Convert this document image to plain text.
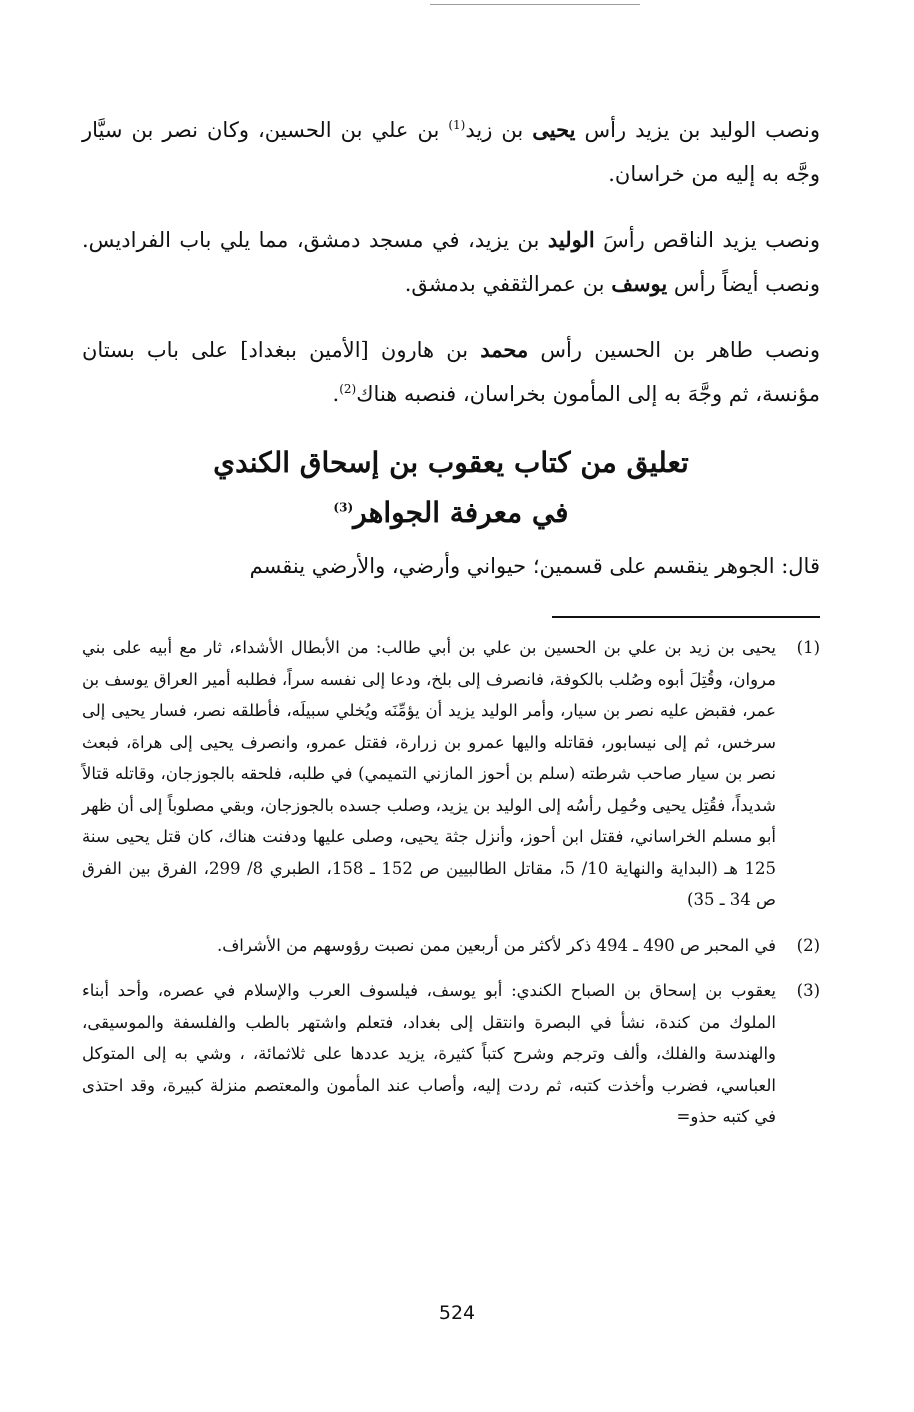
ونصب الوليد بن يزيد رأس يحيى بن زيد$^{(1)}$ بن علي بن الحسين، وكان نصر بن سيَّار وجَّه به إليه من خراسان.

ونصب يزيد الناقص رأسَ الوليد بن يزيد، في مسجد دمشق، مما يلي باب الفراديس. ونصب أيضاً رأس يوسف بن عمرالثقفي بدمشق.

ونصب طاهر بن الحسين رأس محمد بن هارون [الأمين ببغداد] على باب بستان مؤنسة، ثم وجَّهَ به إلى المأمون بخراسان، فنصبه هناك$^{(2)}$.

تعليق من كتاب يعقوب بن إسحاق الكندي
في معرفة الجواهر$^{(3)}$

قال: الجوهر ينقسم على قسمين؛ حيواني وأرضي، والأرضي ينقسم

(1)
يحيى بن زيد بن علي بن الحسين بن علي بن أبي طالب: من الأبطال الأشداء، ثار مع أبيه على بني مروان، وقُتِلَ أبوه وصُلب بالكوفة، فانصرف إلى بلخ، ودعا إلى نفسه سراً، فطلبه أمير العراق يوسف بن عمر، فقبض عليه نصر بن سيار، وأمر الوليد يزيد أن يؤمِّنَه ويُخلي سبيلَه، فأطلقه نصر، فسار يحيى إلى سرخس، ثم إلى نيسابور، فقاتله واليها عمرو بن زرارة، فقتل عمرو، وانصرف يحيى إلى هراة، فبعث نصر بن سيار صاحب شرطته (سلم بن أحوز المازني التميمي) في طلبه، فلحقه بالجوزجان، وقاتله قتالاً شديداً، فقُتِل يحيى وحُمِل رأسُه إلى الوليد بن يزيد، وصلب جسده بالجوزجان، وبقي مصلوباً إلى أن ظهر أبو مسلم الخراساني، فقتل ابن أحوز، وأنزل جثة يحيى، وصلى عليها ودفنت هناك، كان قتل يحيى سنة 125 هـ (البداية والنهاية 10/ 5، مقاتل الطالبيين ص 152 ـ 158، الطبري 8/ 299، الفرق بين الفرق ص 34 ـ 35)
(2)
في المحبر ص 490 ـ 494 ذكر لأكثر من أربعين ممن نصبت رؤوسهم من الأشراف.
(3)
يعقوب بن إسحاق بن الصباح الكندي: أبو يوسف، فيلسوف العرب والإسلام في عصره، وأحد أبناء الملوك من كندة، نشأ في البصرة وانتقل إلى بغداد، فتعلم واشتهر بالطب والفلسفة والموسيقى، والهندسة والفلك، وألف وترجم وشرح كتباً كثيرة، يزيد عددها على ثلاثمائة، ، وشي به إلى المتوكل العباسي، فضرب وأخذت كتبه، ثم ردت إليه، وأصاب عند المأمون والمعتصم منزلة كبيرة، وقد احتذى في كتبه حذو=
524
